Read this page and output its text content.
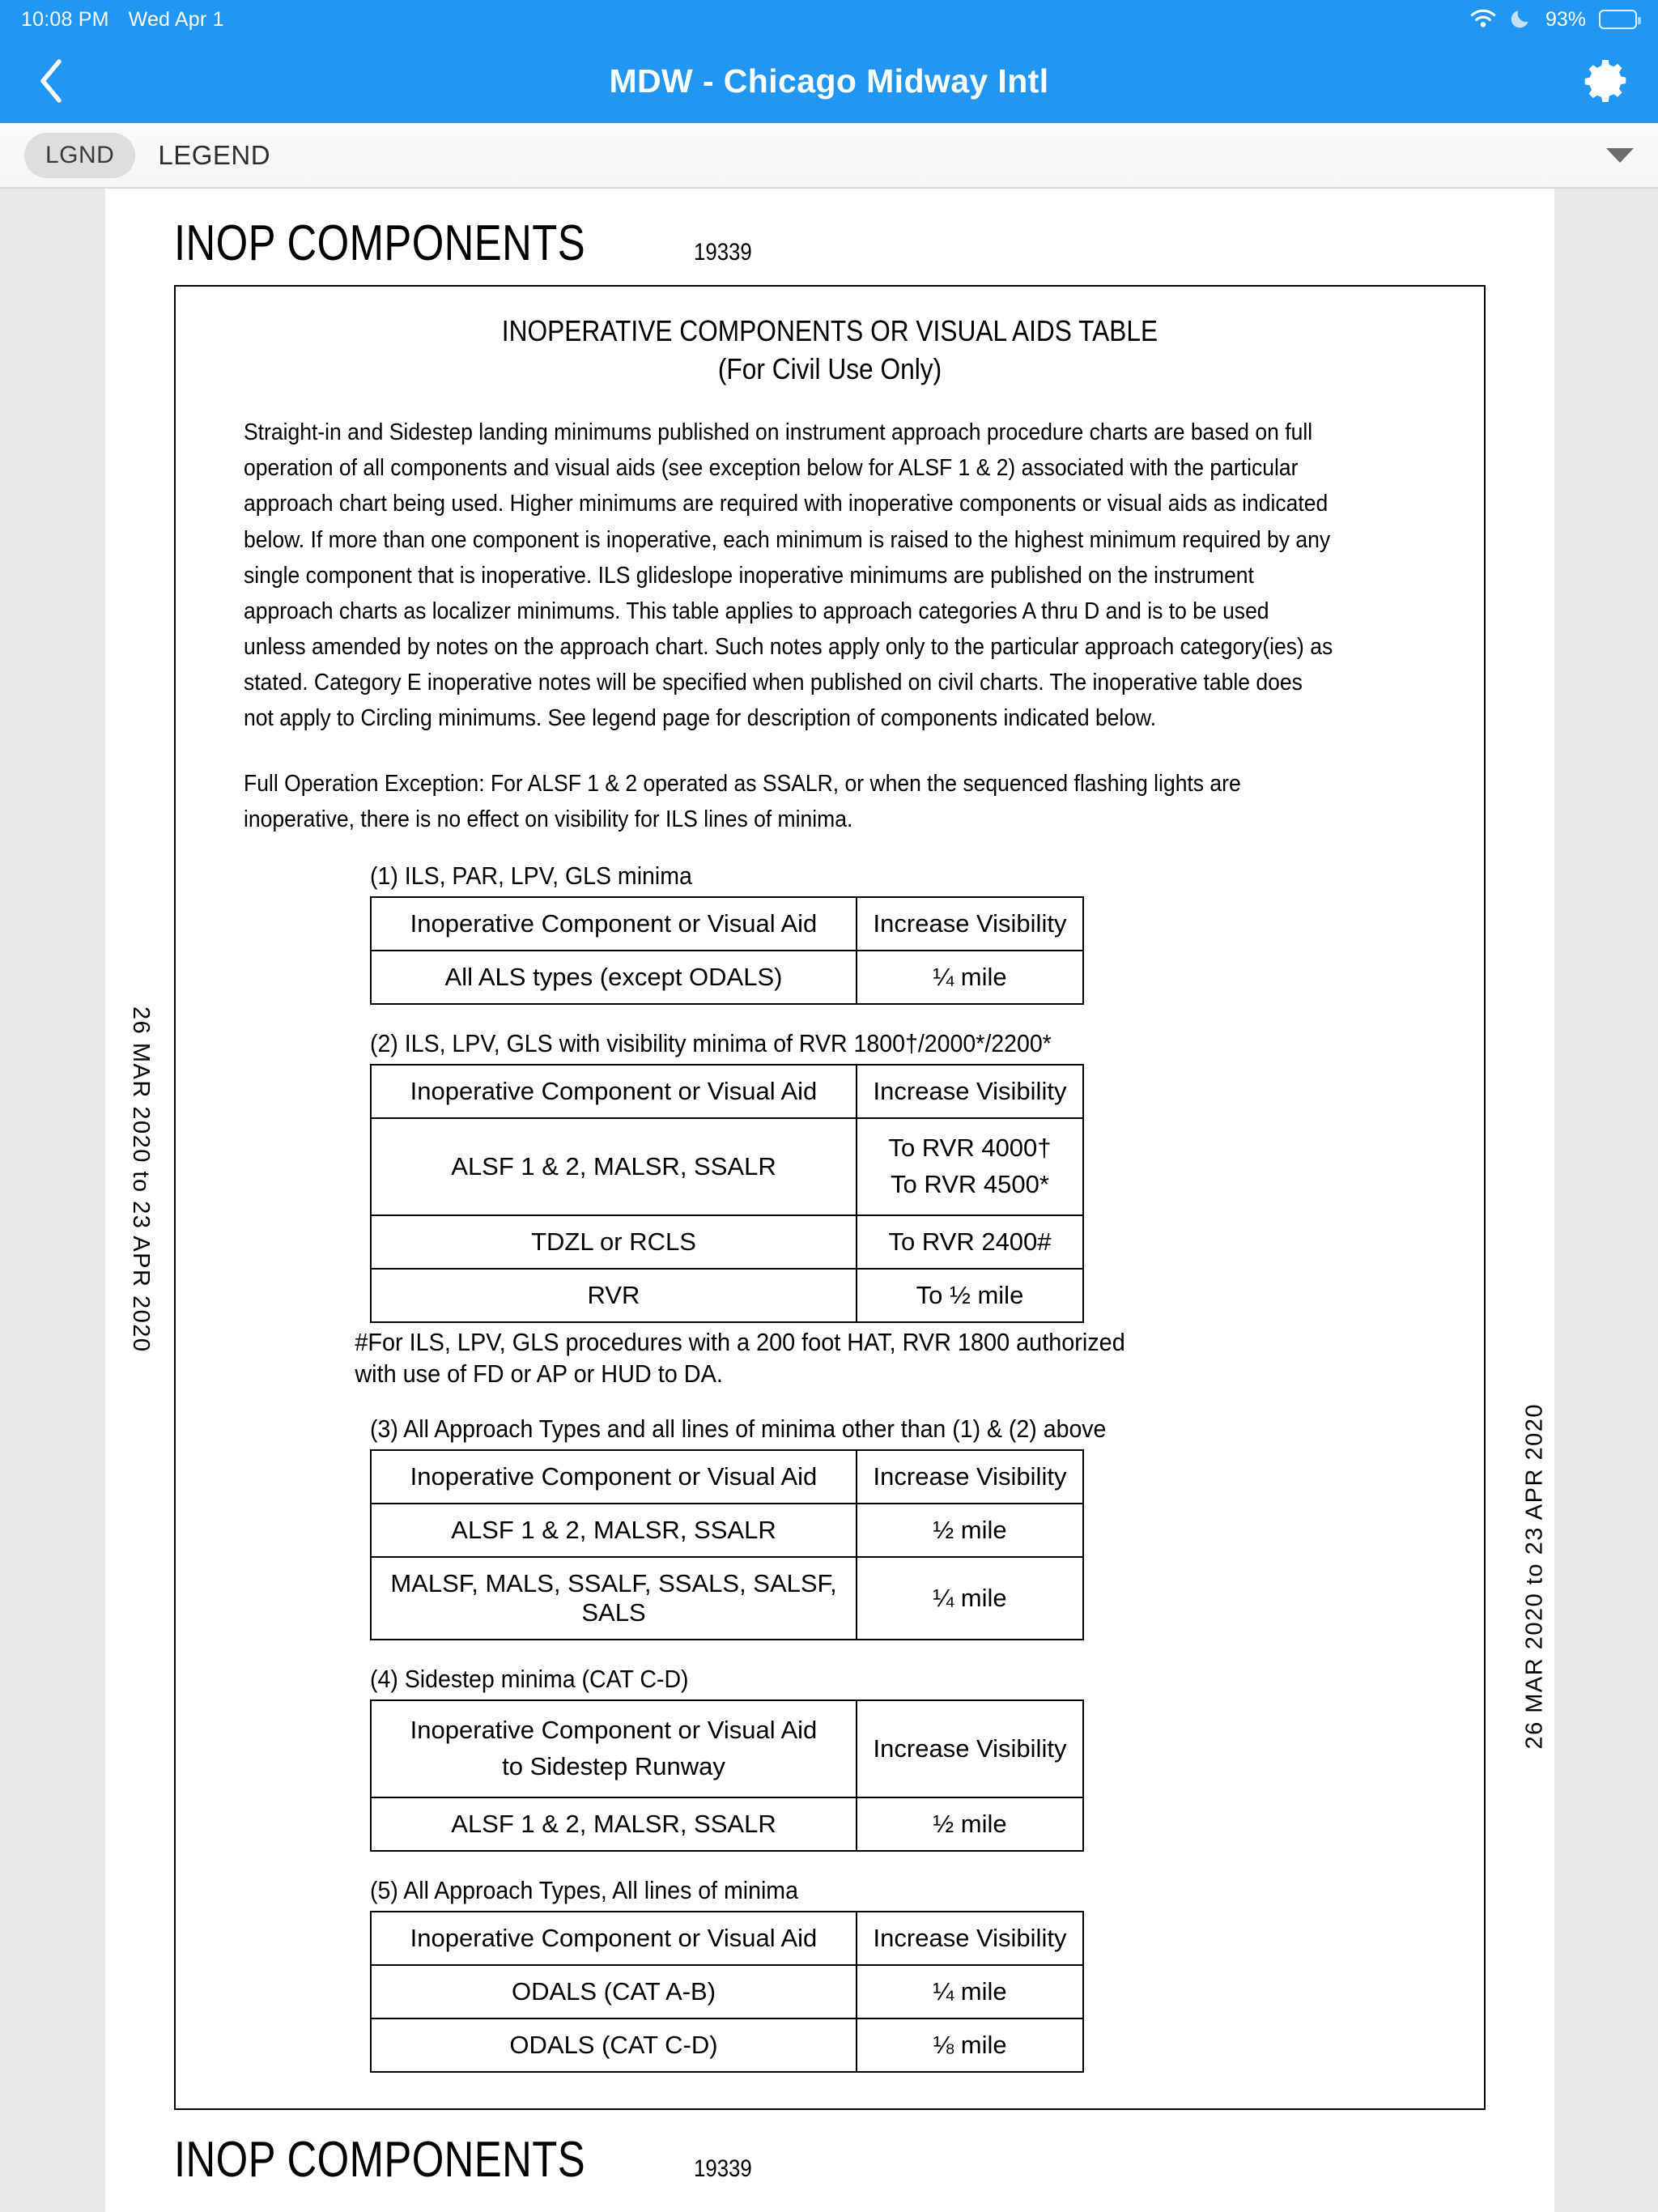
10:08 PM Wed Apr 1	93%
MDW - Chicago Midway Intl
LGND	LEGEND
INOP COMPONENTS	19339
INOPERATIVE COMPONENTS OR VISUAL AIDS TABLE
(For Civil Use Only)
Straight-in and Sidestep landing minimums published on instrument approach procedure charts are based on full operation of all components and visual aids (see exception below for ALSF 1 & 2) associated with the particular approach chart being used. Higher minimums are required with inoperative components or visual aids as indicated below. If more than one component is inoperative, each minimum is raised to the highest minimum required by any single component that is inoperative. ILS glideslope inoperative minimums are published on the instrument approach charts as localizer minimums. This table applies to approach categories A thru D and is to be used unless amended by notes on the approach chart. Such notes apply only to the particular approach category(ies) as stated. Category E inoperative notes will be specified when published on civil charts. The inoperative table does not apply to Circling minimums. See legend page for description of components indicated below.
Full Operation Exception: For ALSF 1 & 2 operated as SSALR, or when the sequenced flashing lights are inoperative, there is no effect on visibility for ILS lines of minima.
(1) ILS, PAR, LPV, GLS minima
Inoperative Component or Visual Aid	Increase Visibility
All ALS types (except ODALS)	¼ mile
(2) ILS, LPV, GLS with visibility minima of RVR 1800†/2000*/2200*
Inoperative Component or Visual Aid	Increase Visibility
ALSF 1 & 2, MALSR, SSALR	To RVR 4000†
To RVR 4500*

TDZL or RCLS	To RVR 2400#
RVR	To ½ mile
#For ILS, LPV, GLS procedures with a 200 foot HAT, RVR 1800 authorized
with use of FD or AP or HUD to DA.
(3) All Approach Types and all lines of minima other than (1) & (2) above
Inoperative Component or Visual Aid	Increase Visibility
ALSF 1 & 2, MALSR, SSALR	½ mile
MALSF, MALS, SSALF, SSALS, SALSF, SALS	¼ mile
(4) Sidestep minima (CAT C-D)
Inoperative Component or Visual Aid
to Sidestep Runway	Increase Visibility
ALSF 1 & 2, MALSR, SSALR	½ mile
(5) All Approach Types, All lines of minima
Inoperative Component or Visual Aid	Increase Visibility
ODALS (CAT A-B)	¼ mile
ODALS (CAT C-D)	⅛ mile
INOP COMPONENTS	19339
26 MAR 2020 to 23 APR 2020
26 MAR 2020 to 23 APR 2020
